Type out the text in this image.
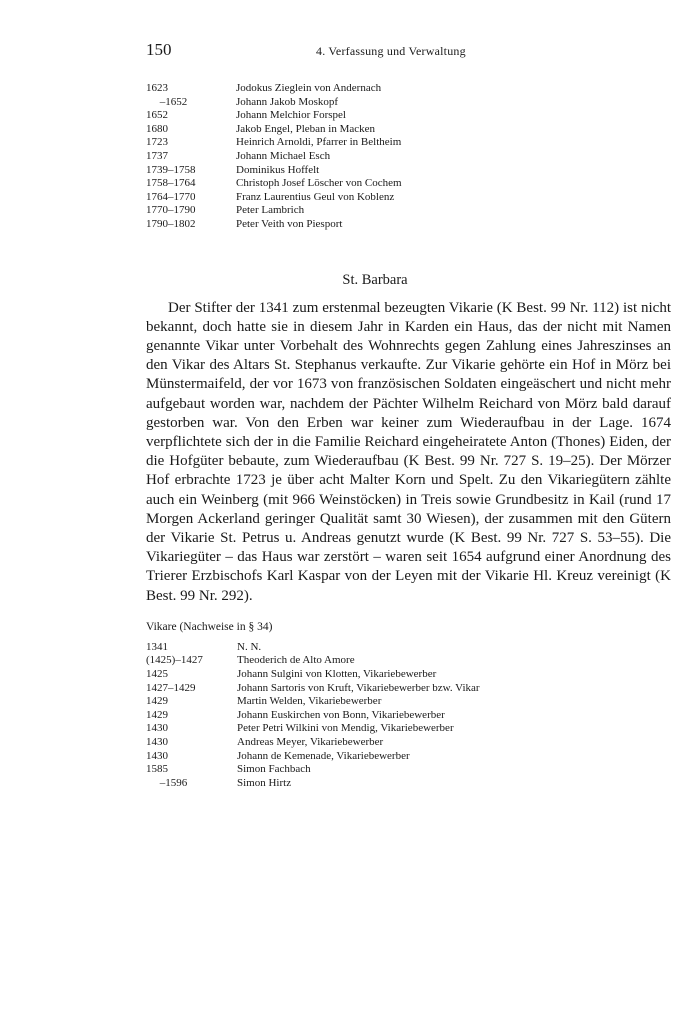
150	4. Verfassung und Verwaltung
1623	Jodokus Zieglein von Andernach
–1652	Johann Jakob Moskopf
1652	Johann Melchior Forspel
1680	Jakob Engel, Pleban in Macken
1723	Heinrich Arnoldi, Pfarrer in Beltheim
1737	Johann Michael Esch
1739–1758	Dominikus Hoffelt
1758–1764	Christoph Josef Löscher von Cochem
1764–1770	Franz Laurentius Geul von Koblenz
1770–1790	Peter Lambrich
1790–1802	Peter Veith von Piesport
St. Barbara

Der Stifter der 1341 zum erstenmal bezeugten Vikarie (K Best. 99 Nr. 112) ist nicht bekannt, doch hatte sie in diesem Jahr in Karden ein Haus, das der nicht mit Namen genannte Vikar unter Vorbehalt des Wohnrechts gegen Zahlung eines Jahreszinses an den Vikar des Altars St. Stephanus verkaufte. Zur Vikarie gehörte ein Hof in Mörz bei Münstermaifeld, der vor 1673 von französischen Soldaten eingeäschert und nicht mehr aufgebaut worden war, nachdem der Pächter Wilhelm Reichard von Mörz bald darauf gestorben war. Von den Erben war keiner zum Wiederaufbau in der Lage. 1674 verpflichtete sich der in die Familie Reichard eingeheiratete Anton (Thones) Eiden, der die Hofgüter bebaute, zum Wiederaufbau (K Best. 99 Nr. 727 S. 19–25). Der Mörzer Hof erbrachte 1723 je über acht Malter Korn und Spelt. Zu den Vikariegütern zählte auch ein Weinberg (mit 966 Weinstöcken) in Treis sowie Grundbesitz in Kail (rund 17 Morgen Ackerland geringer Qualität samt 30 Wiesen), der zusammen mit den Gütern der Vikarie St. Petrus u. Andreas genutzt wurde (K Best. 99 Nr. 727 S. 53–55). Die Vikariegüter – das Haus war zerstört – waren seit 1654 aufgrund einer Anordnung des Trierer Erzbischofs Karl Kaspar von der Leyen mit der Vikarie Hl. Kreuz vereinigt (K Best. 99 Nr. 292).

Vikare (Nachweise in § 34)
1341	N. N.
(1425)–1427	Theoderich de Alto Amore
1425	Johann Sulgini von Klotten, Vikariebewerber
1427–1429	Johann Sartoris von Kruft, Vikariebewerber bzw. Vikar
1429	Martin Welden, Vikariebewerber
1429	Johann Euskirchen von Bonn, Vikariebewerber
1430	Peter Petri Wilkini von Mendig, Vikariebewerber
1430	Andreas Meyer, Vikariebewerber
1430	Johann de Kemenade, Vikariebewerber
1585	Simon Fachbach
–1596	Simon Hirtz
